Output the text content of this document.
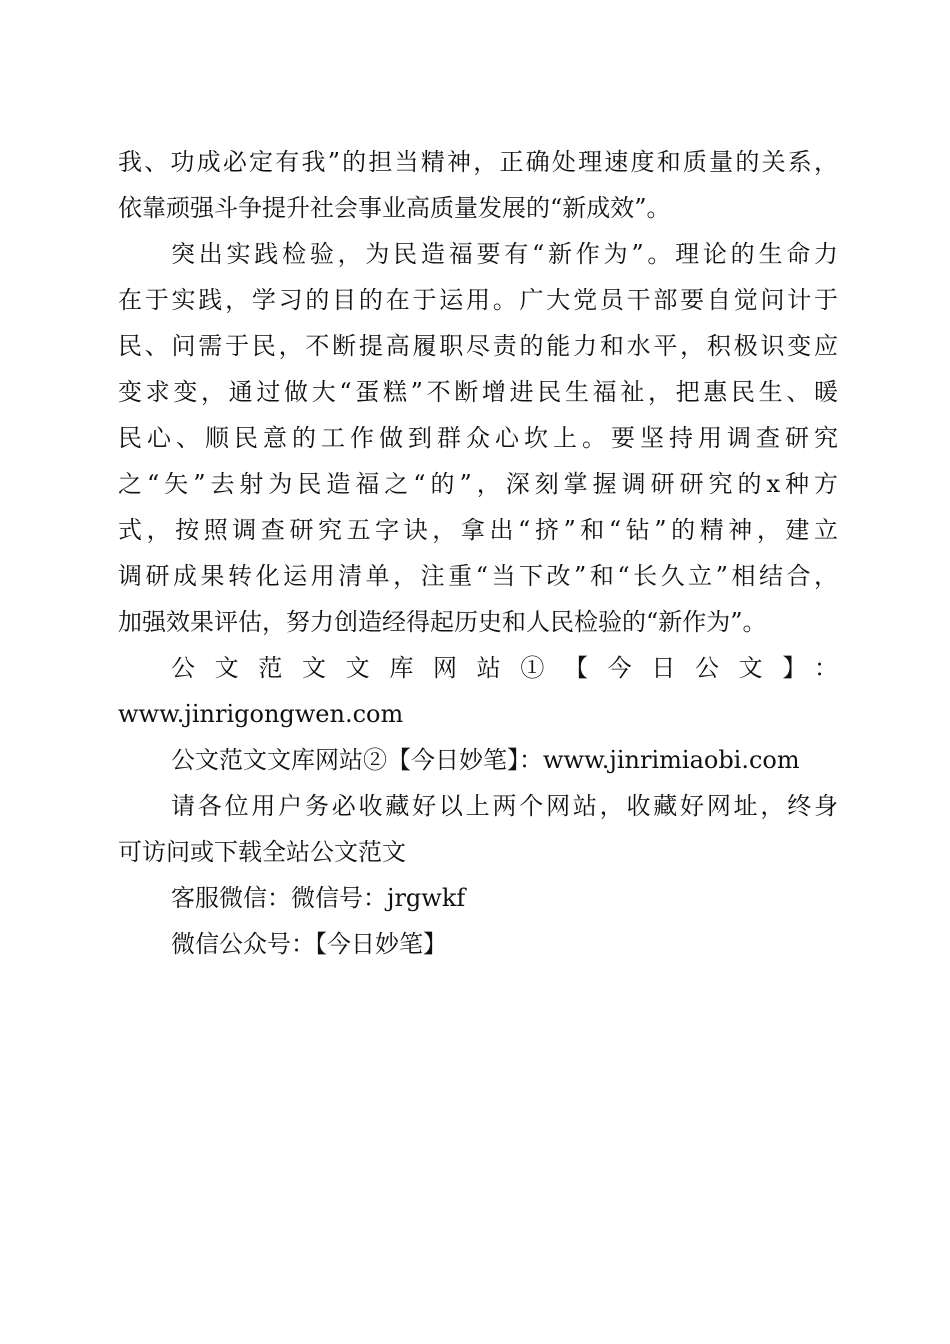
我、功成必定有我”的担当精神，正确处理速度和质量的关系，
依靠顽强斗争提升社会事业高质量发展的“新成效”。
突出实践检验，为民造福要有“新作为”。理论的生命力
在于实践，学习的目的在于运用。广大党员干部要自觉问计于
民、问需于民，不断提高履职尽责的能力和水平，积极识变应
变求变，通过做大“蛋糕”不断增进民生福祉，把惠民生、暖
民心、顺民意的工作做到群众心坎上。要坚持用调查研究
之“矢”去射为民造福之“的”，深刻掌握调研研究的x种方
式，按照调查研究五字诀，拿出“挤”和“钻”的精神，建立
调研成果转化运用清单，注重“当下改”和“长久立”相结合，
加强效果评估，努力创造经得起历史和人民检验的“新作为”。
公文范文文库网站①【今日公文】：
www.jinrigongwen.com
公文范文文库网站②【今日妙笔】：www.jinrimiaobi.com
请各位用户务必收藏好以上两个网站，收藏好网址，终身
可访问或下载全站公文范文
客服微信：微信号：jrgwkf
微信公众号：【今日妙笔】
